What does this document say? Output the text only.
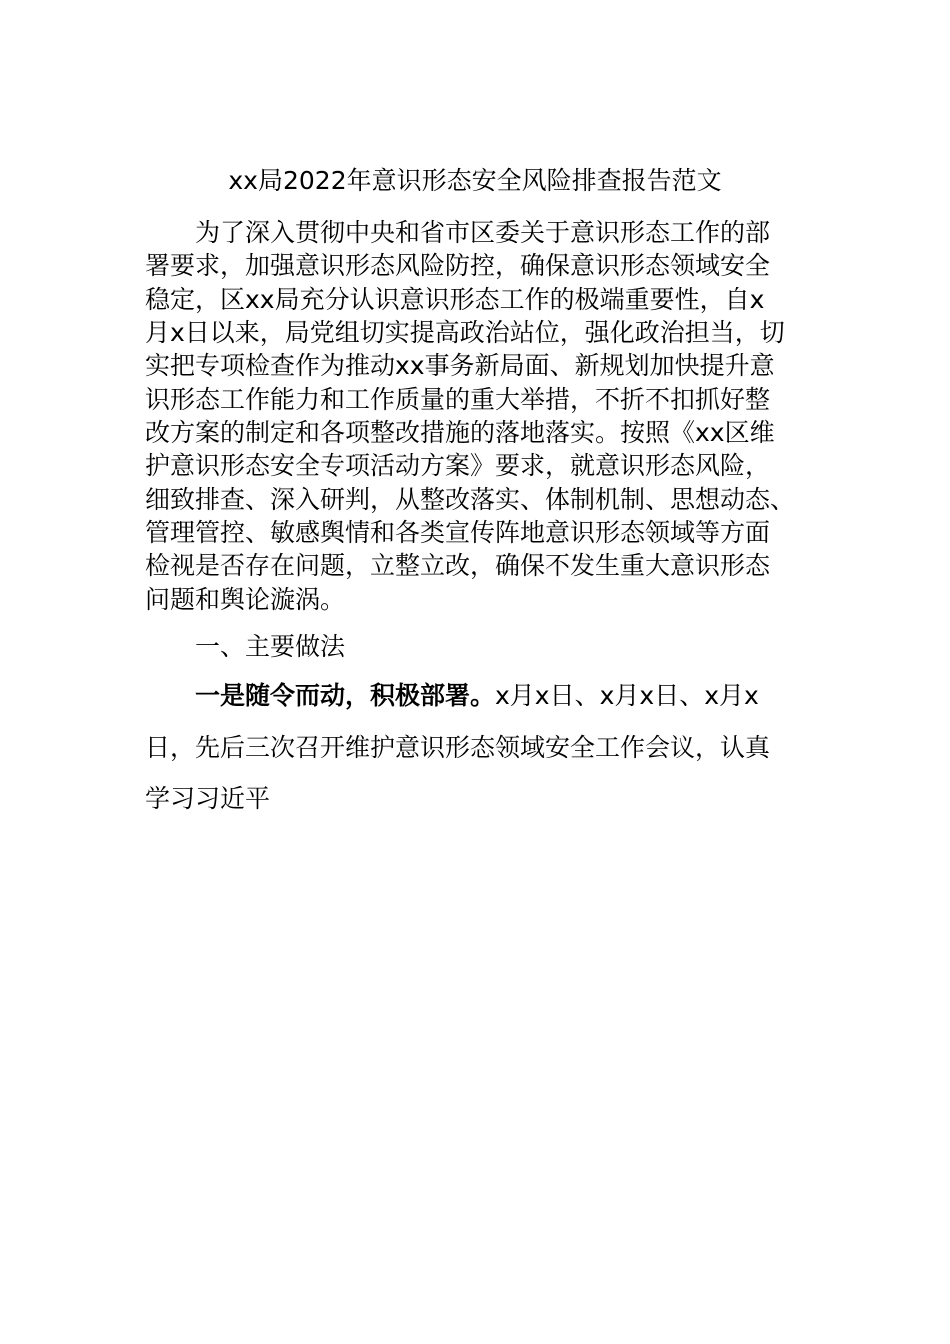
xx局2022年意识形态安全风险排查报告范文
为了深入贯彻中央和省市区委关于意识形态工作的部
署要求，加强意识形态风险防控，确保意识形态领域安全
稳定，区xx局充分认识意识形态工作的极端重要性，自x
月x日以来，局党组切实提高政治站位，强化政治担当，切
实把专项检查作为推动xx事务新局面、新规划加快提升意
识形态工作能力和工作质量的重大举措，不折不扣抓好整
改方案的制定和各项整改措施的落地落实。按照《xx区维
护意识形态安全专项活动方案》要求，就意识形态风险，
细致排查、深入研判，从整改落实、体制机制、思想动态、
管理管控、敏感舆情和各类宣传阵地意识形态领域等方面
检视是否存在问题，立整立改，确保不发生重大意识形态
问题和舆论漩涡。
一、主要做法
一是随令而动，积极部署。x月x日、x月x日、x月x
日，先后三次召开维护意识形态领域安全工作会议，认真
学习习近平
